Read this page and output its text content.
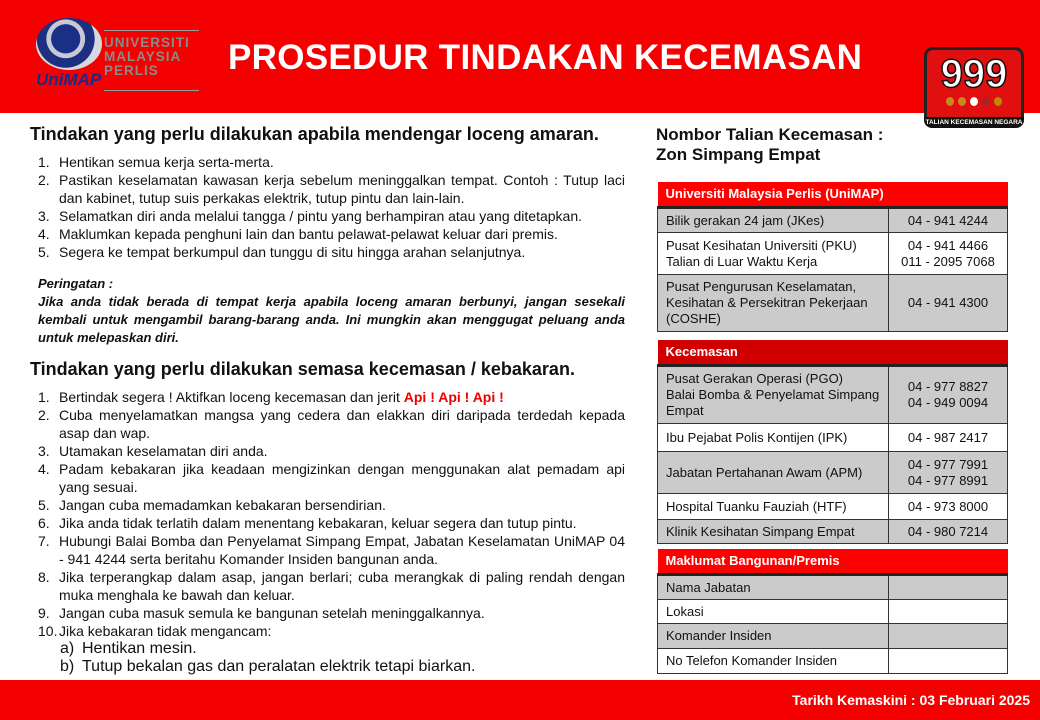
UniMAP
UNIVERSITI
MALAYSIA
PERLIS	PROSEDUR TINDAKAN KECEMASAN	999
TALIAN KECEMASAN NEGARA
Tindakan yang perlu dilakukan apabila mendengar loceng amaran.
1. Hentikan semua kerja serta-merta.
2. Pastikan keselamatan kawasan kerja sebelum meninggalkan tempat. Contoh : Tutup laci dan kabinet, tutup suis perkakas elektrik, tutup pintu dan lain-lain.
3. Selamatkan diri anda melalui tangga / pintu yang berhampiran atau yang ditetapkan.
4. Maklumkan kepada penghuni lain dan bantu pelawat-pelawat keluar dari premis.
5. Segera ke tempat berkumpul dan tunggu di situ hingga arahan selanjutnya.
Peringatan :
Jika anda tidak berada di tempat kerja apabila loceng amaran berbunyi, jangan sesekali kembali untuk mengambil barang-barang anda. Ini mungkin akan menggugat peluang anda untuk melepaskan diri.
Tindakan yang perlu dilakukan semasa kecemasan / kebakaran.
1. Bertindak segera ! Aktifkan loceng kecemasan dan jerit Api ! Api ! Api !
2. Cuba menyelamatkan mangsa yang cedera dan elakkan diri daripada terdedah kepada asap dan wap.
3. Utamakan keselamatan diri anda.
4. Padam kebakaran jika keadaan mengizinkan dengan menggunakan alat pemadam api yang sesuai.
5. Jangan cuba memadamkan kebakaran bersendirian.
6. Jika anda tidak terlatih dalam menentang kebakaran, keluar segera dan tutup pintu.
7. Hubungi Balai Bomba dan Penyelamat Simpang Empat, Jabatan Keselamatan UniMAP 04 - 941 4244 serta beritahu Komander Insiden bangunan anda.
8. Jika terperangkap dalam asap, jangan berlari; cuba merangkak di paling rendah dengan muka menghala ke bawah dan keluar.
9. Jangan cuba masuk semula ke bangunan setelah meninggalkannya.
10. Jika kebakaran tidak mengancam:
a) Hentikan mesin.
b) Tutup bekalan gas dan peralatan elektrik tetapi biarkan.
Nombor Talian Kecemasan :
Zon Simpang Empat
Universiti Malaysia Perlis (UniMAP)	
Bilik gerakan 24 jam (JKes)	04 - 941 4244
Pusat Kesihatan Universiti (PKU)
Talian di Luar Waktu Kerja	04 - 941 4466
011 - 2095 7068
Pusat Pengurusan Keselamatan, Kesihatan & Persekitran Pekerjaan (COSHE)	04 - 941 4300
Kecemasan	
Pusat Gerakan Operasi (PGO)
Balai Bomba & Penyelamat Simpang Empat	04 - 977 8827
04 - 949 0094
Ibu Pejabat Polis Kontijen (IPK)	04 - 987 2417
Jabatan Pertahanan Awam (APM)	04 - 977 7991
04 - 977 8991
Hospital Tuanku Fauziah (HTF)	04 - 973 8000
Klinik Kesihatan Simpang Empat	04 - 980 7214
Maklumat Bangunan/Premis	
Nama Jabatan	
Lokasi	
Komander Insiden	
No Telefon Komander Insiden	
Tarikh Kemaskini : 03 Februari 2025
